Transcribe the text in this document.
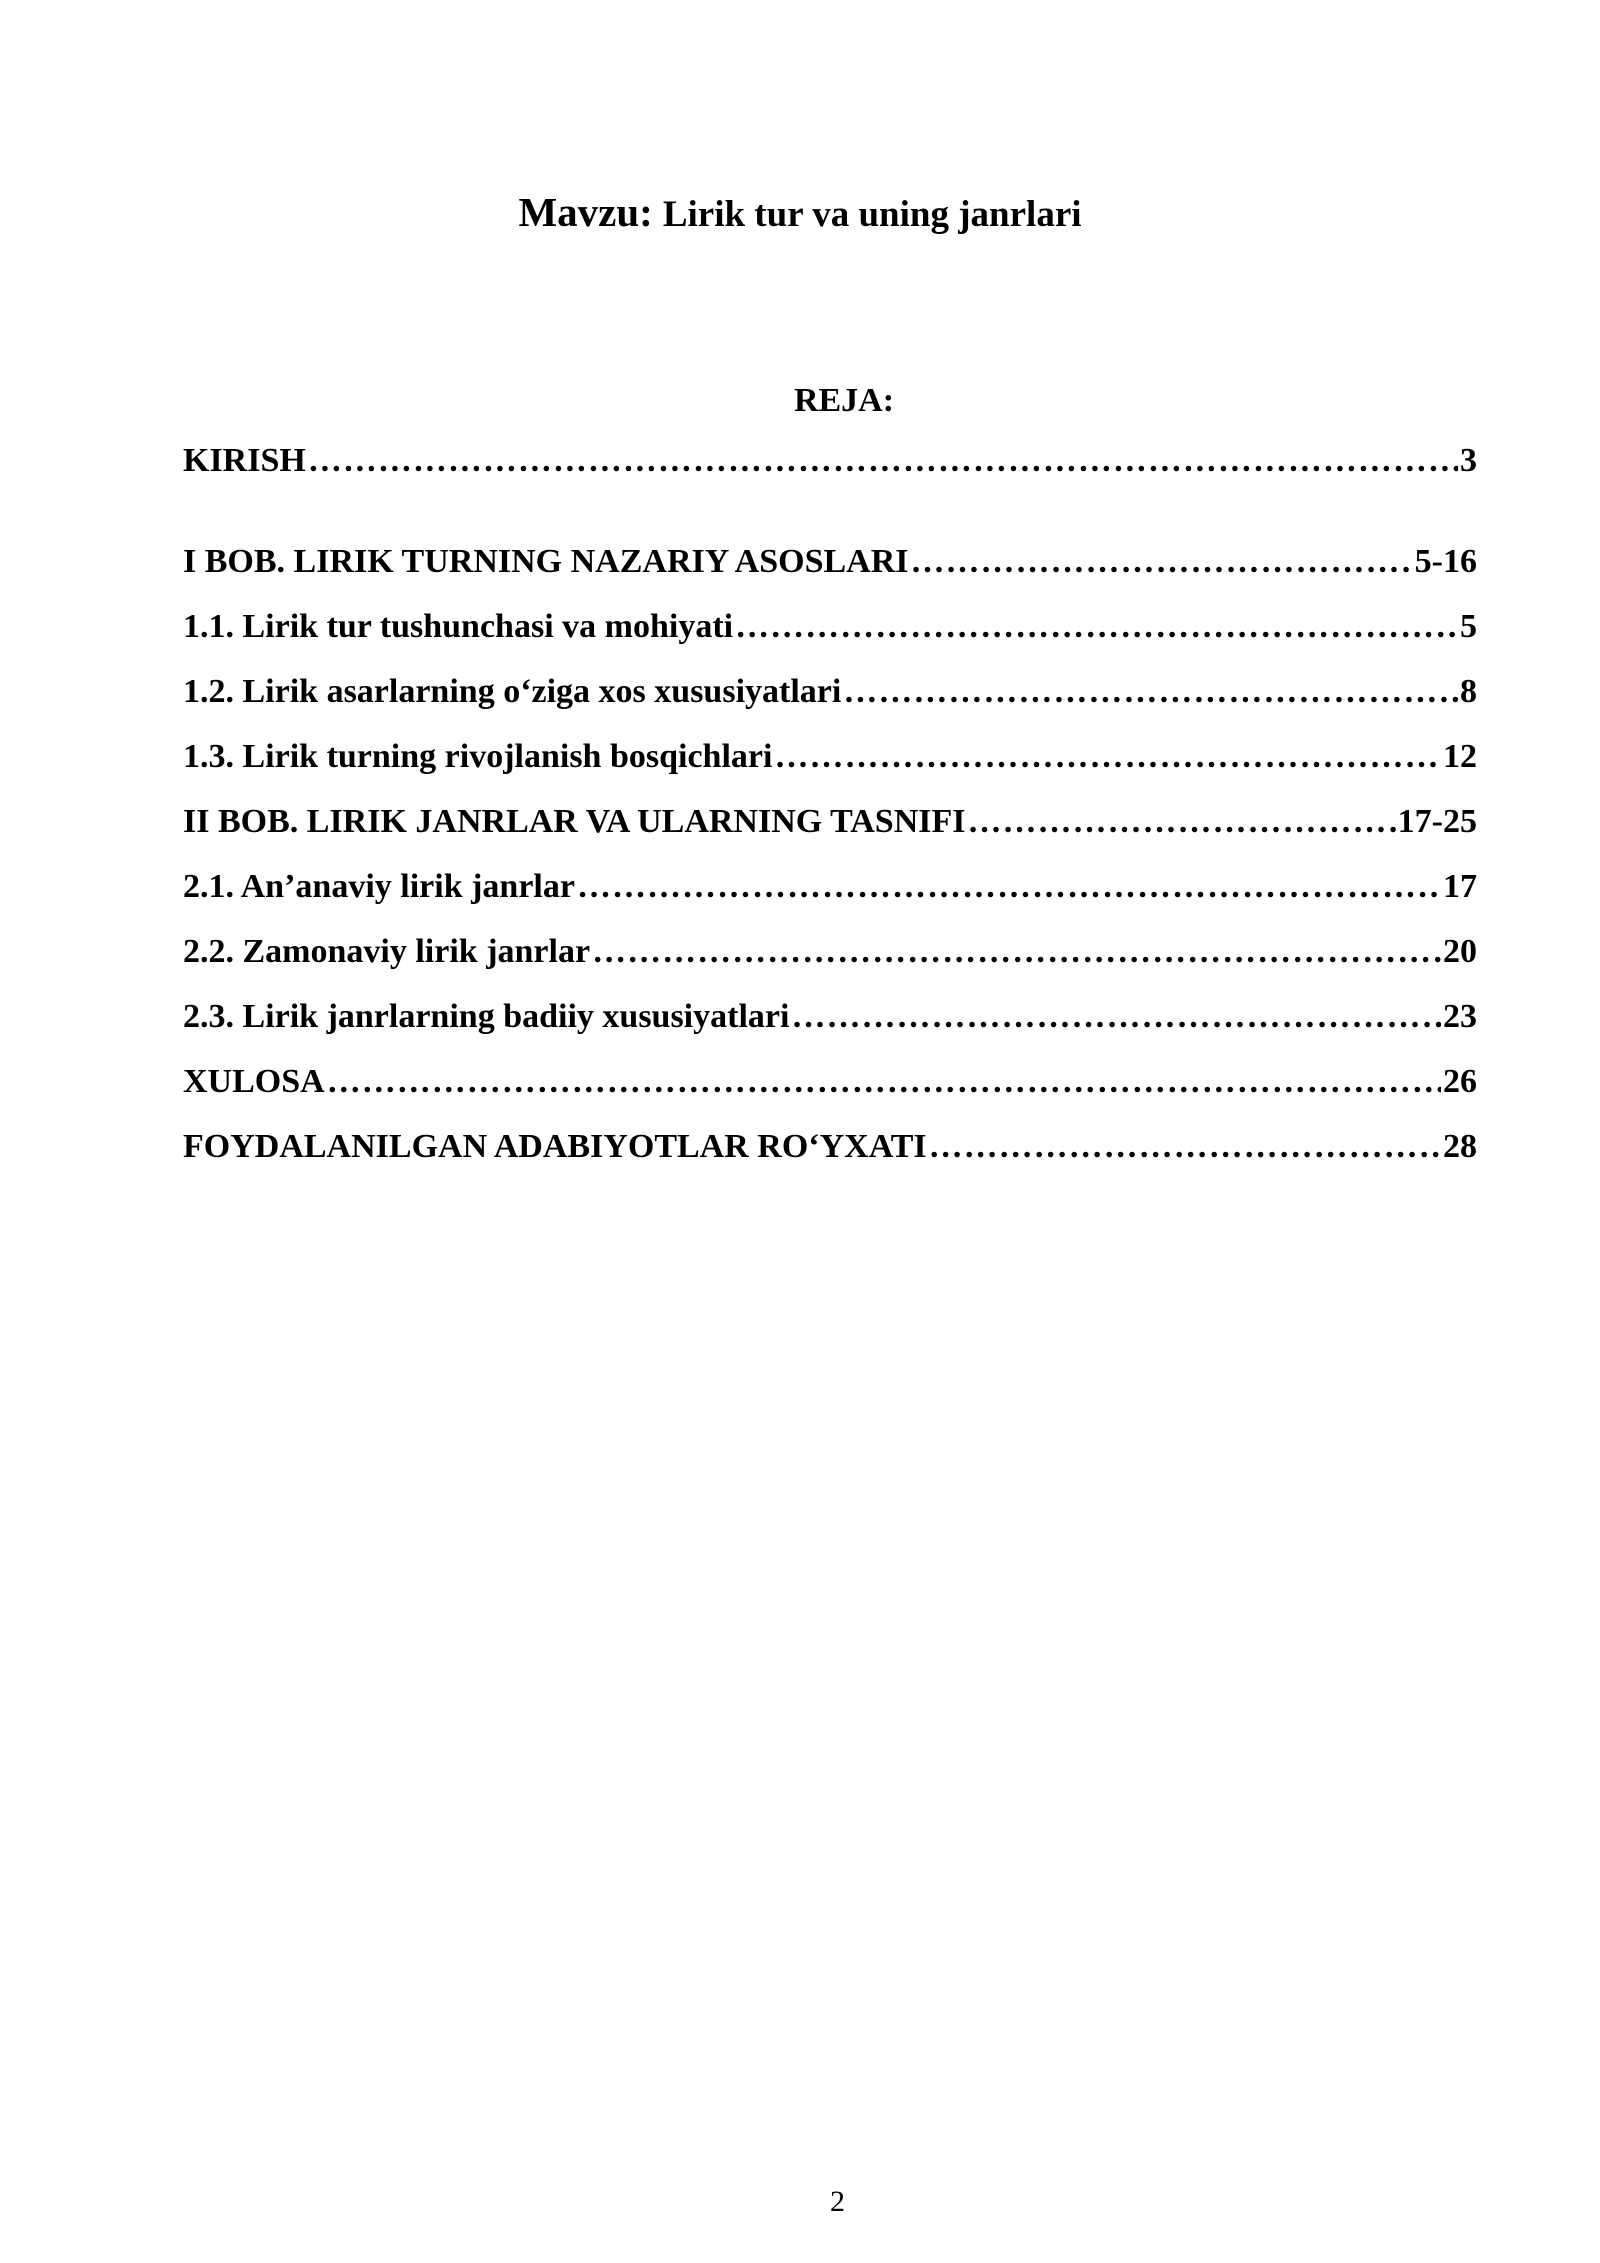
Mavzu: Lirik tur va uning janrlari
REJA:
KIRISH ……………………………………………………………………………………………………………………………………………………………………………………………	3
I BOB. LIRIK TURNING NAZARIY ASOSLARI ……………………………………………………………………………………………………………………………………………………………………………………………	5-16
1.1. Lirik tur tushunchasi va mohiyati ……………………………………………………………………………………………………………………………………………………………………………………………	5
1.2. Lirik asarlarning o‘ziga xos xususiyatlari ……………………………………………………………………………………………………………………………………………………………………………………………	8
1.3. Lirik turning rivojlanish bosqichlari ……………………………………………………………………………………………………………………………………………………………………………………………	12
II BOB. LIRIK JANRLAR VA ULARNING TASNIFI ……………………………………………………………………………………………………………………………………………………………………………………………	17-25
2.1. An’anaviy lirik janrlar ……………………………………………………………………………………………………………………………………………………………………………………………	17
2.2. Zamonaviy lirik janrlar ……………………………………………………………………………………………………………………………………………………………………………………………	20
2.3. Lirik janrlarning badiiy xususiyatlari ……………………………………………………………………………………………………………………………………………………………………………………………	23
XULOSA ……………………………………………………………………………………………………………………………………………………………………………………………	26
FOYDALANILGAN ADABIYOTLAR RO‘YXATI ……………………………………………………………………………………………………………………………………………………………………………………………	28
2
